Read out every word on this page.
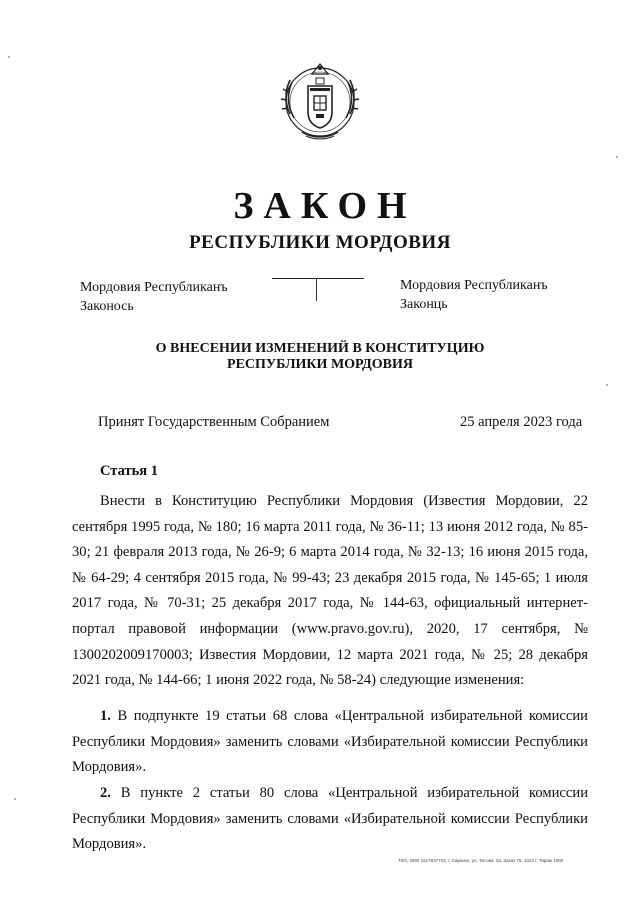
ЗАКОН
РЕСПУБЛИКИ МОРДОВИЯ
Мордовия Республиканъ
Законось
Мордовия Республиканъ
Законць
О ВНЕСЕНИИ ИЗМЕНЕНИЙ В КОНСТИТУЦИЮ
РЕСПУБЛИКИ МОРДОВИЯ
Принят Государственным Собранием	25 апреля 2023 года
Статья 1

Внести в Конституцию Республики Мордовия (Известия Мордовии, 22 сентября 1995 года, № 180; 16 марта 2011 года, № 36-11; 13 июня 2012 года, № 85-30; 21 февраля 2013 года, № 26-9; 6 марта 2014 года, № 32-13; 16 июня 2015 года, № 64-29; 4 сентября 2015 года, № 99-43; 23 декабря 2015 года, № 145-65; 1 июля 2017 года, № 70-31; 25 декабря 2017 года, № 144-63, официальный интернет-портал правовой информации (www.pravo.gov.ru), 2020, 17 сентября, № 1300202009170003; Известия Мордовии, 12 марта 2021 года, № 25; 28 декабря 2021 года, № 144-66; 1 июня 2022 года, № 58-24) следующие изменения:

1. В подпункте 19 статьи 68 слова «Центральной избирательной комиссии Республики Мордовия» заменить словами «Избирательной комиссии Республики Мордовия».

2. В пункте 2 статьи 80 слова «Центральной избирательной комиссии Республики Мордовия» заменить словами «Избирательной комиссии Республики Мордовия».

ТКО, 2990 1517837723, г. Саранск, ул. Титова, 2а. Заказ 75. 1022 г. Тираж 1000
